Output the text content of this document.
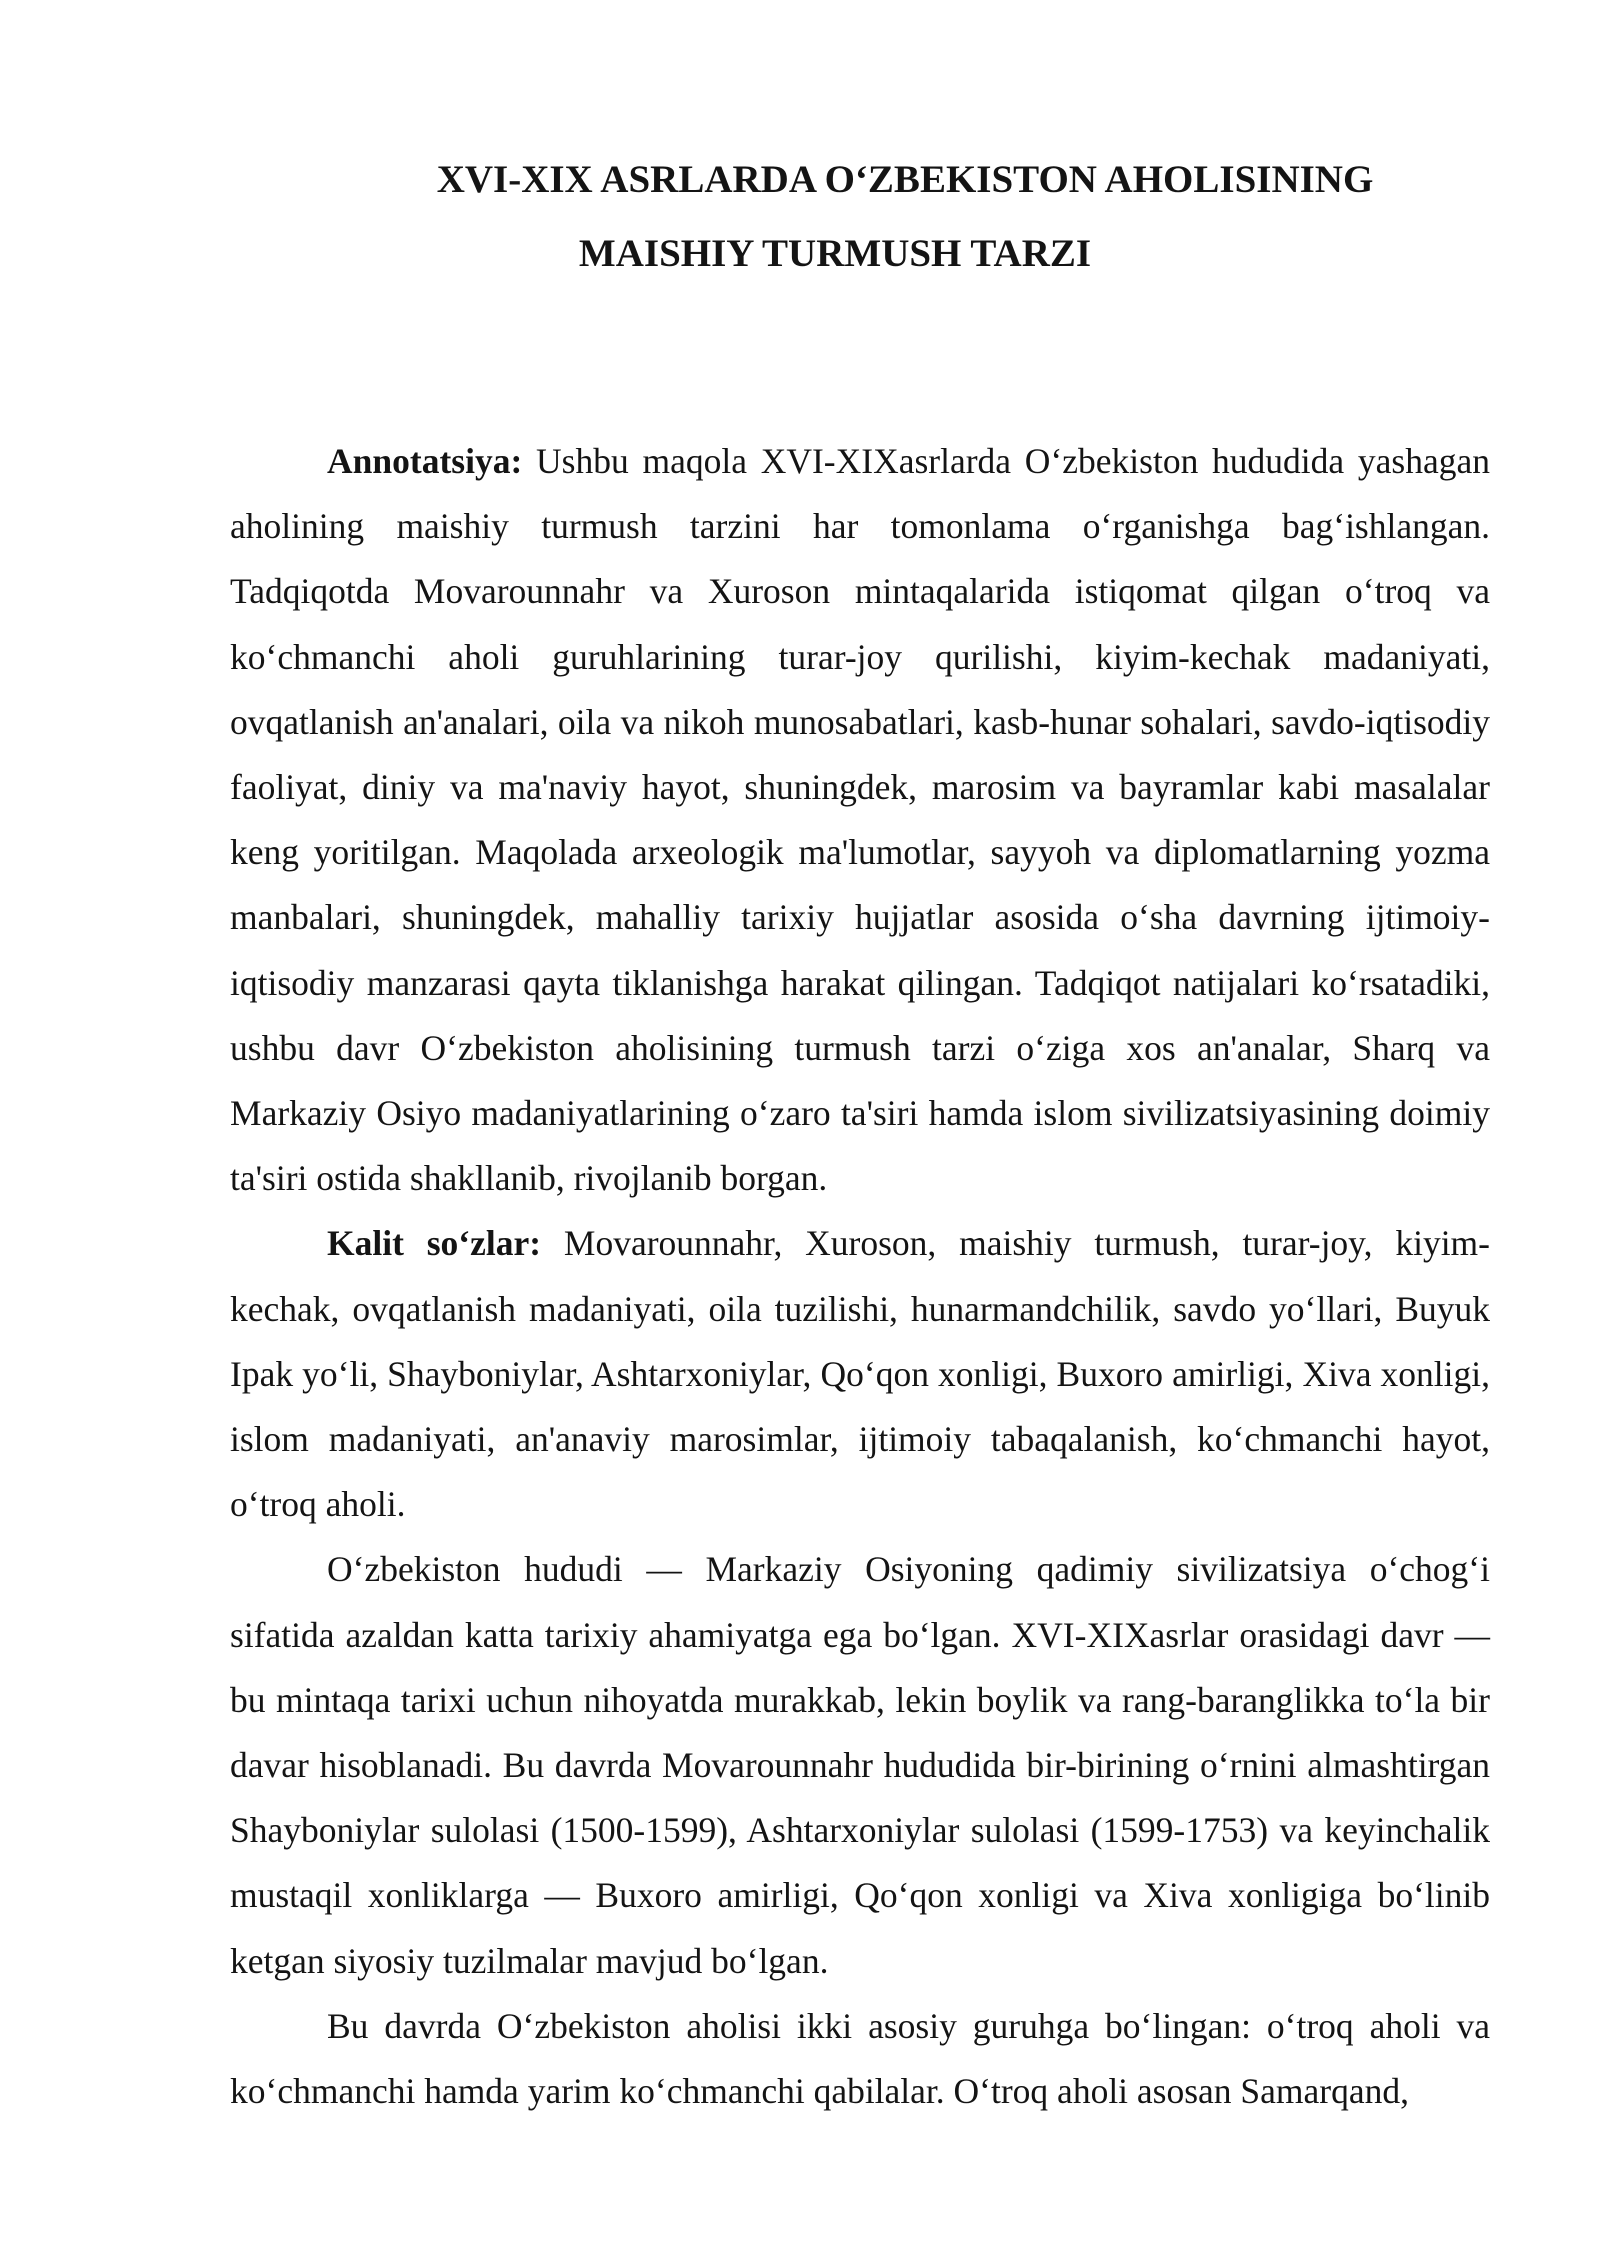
XVI-XIX ASRLARDA O‘ZBEKISTON AHOLISINING
MAISHIY TURMUSH TARZI

Annotatsiya: Ushbu maqola XVI-XIXasrlarda O‘zbekiston hududida yashagan aholining maishiy turmush tarzini har tomonlama o‘rganishga bag‘ishlangan. Tadqiqotda Movarounnahr va Xuroson mintaqalarida istiqomat qilgan o‘troq va ko‘chmanchi aholi guruhlarining turar-joy qurilishi, kiyim-kechak madaniyati, ovqatlanish an'analari, oila va nikoh munosabatlari, kasb-hunar sohalari, savdo-iqtisodiy faoliyat, diniy va ma'naviy hayot, shuningdek, marosim va bayramlar kabi masalalar keng yoritilgan. Maqolada arxeologik ma'lumotlar, sayyoh va diplomatlarning yozma manbalari, shuningdek, mahalliy tarixiy hujjatlar asosida o‘sha davrning ijtimoiy-iqtisodiy manzarasi qayta tiklanishga harakat qilingan. Tadqiqot natijalari ko‘rsatadiki, ushbu davr O‘zbekiston aholisining turmush tarzi o‘ziga xos an'analar, Sharq va Markaziy Osiyo madaniyatlarining o‘zaro ta'siri hamda islom sivilizatsiyasining doimiy ta'siri ostida shakllanib, rivojlanib borgan.

Kalit so‘zlar: Movarounnahr, Xuroson, maishiy turmush, turar-joy, kiyim-kechak, ovqatlanish madaniyati, oila tuzilishi, hunarmandchilik, savdo yo‘llari, Buyuk Ipak yo‘li, Shayboniylar, Ashtarxoniylar, Qo‘qon xonligi, Buxoro amirligi, Xiva xonligi, islom madaniyati, an'anaviy marosimlar, ijtimoiy tabaqalanish, ko‘chmanchi hayot, o‘troq aholi.

O‘zbekiston hududi — Markaziy Osiyoning qadimiy sivilizatsiya o‘chog‘i sifatida azaldan katta tarixiy ahamiyatga ega bo‘lgan. XVI-XIXasrlar orasidagi davr — bu mintaqa tarixi uchun nihoyatda murakkab, lekin boylik va rang-baranglikka to‘la bir davar hisoblanadi. Bu davrda Movarounnahr hududida bir-birining o‘rnini almashtirgan Shayboniylar sulolasi (1500-1599), Ashtarxoniylar sulolasi (1599-1753) va keyinchalik mustaqil xonliklarga — Buxoro amirligi, Qo‘qon xonligi va Xiva xonligiga bo‘linib ketgan siyosiy tuzilmalar mavjud bo‘lgan.

Bu davrda O‘zbekiston aholisi ikki asosiy guruhga bo‘lingan: o‘troq aholi va ko‘chmanchi hamda yarim ko‘chmanchi qabilalar. O‘troq aholi asosan Samarqand,
